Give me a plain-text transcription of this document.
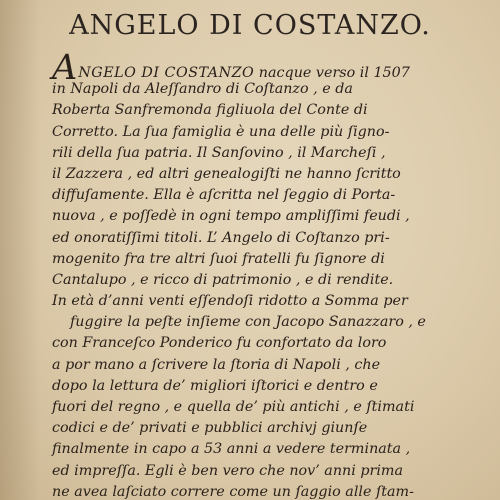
ANGELO DI COSTANZO.
ANGELO DI COSTANZO nacque verso il 1507
in Napoli da Aleſſandro di Coſtanzo , e da
Roberta Sanfremonda figliuola del Conte di
Corretto. La ſua famiglia è una delle più ſigno-
rili della ſua patria. Il Sanſovino , il Marcheſi ,
il Zazzera , ed altri genealogiſti ne hanno ſcritto
diffuſamente. Ella è aſcritta nel ſeggio di Porta-
nuova , e poſſedè in ogni tempo ampliſſimi feudi ,
ed onoratiſſimi titoli. L’ Angelo di Coſtanzo pri-
mogenito fra tre altri ſuoi fratelli fu ſignore di
Cantalupo , e ricco di patrimonio , e di rendite.
In età d’anni venti eſſendoſi ridotto a Somma per
fuggire la peſte inſieme con Jacopo Sanazzaro , e
con Franceſco Ponderico fu confortato da loro
a por mano a ſcrivere la ſtoria di Napoli , che
dopo la lettura de’ migliori iſtorici e dentro e
fuori del regno , e quella de’ più antichi , e ſtimati
codici e de’ privati e pubblici archivj giunſe
finalmente in capo a 53 anni a vedere terminata ,
ed impreſſa. Egli è ben vero che nov’ anni prima
ne avea laſciato correre come un ſaggio alle ſtam-
